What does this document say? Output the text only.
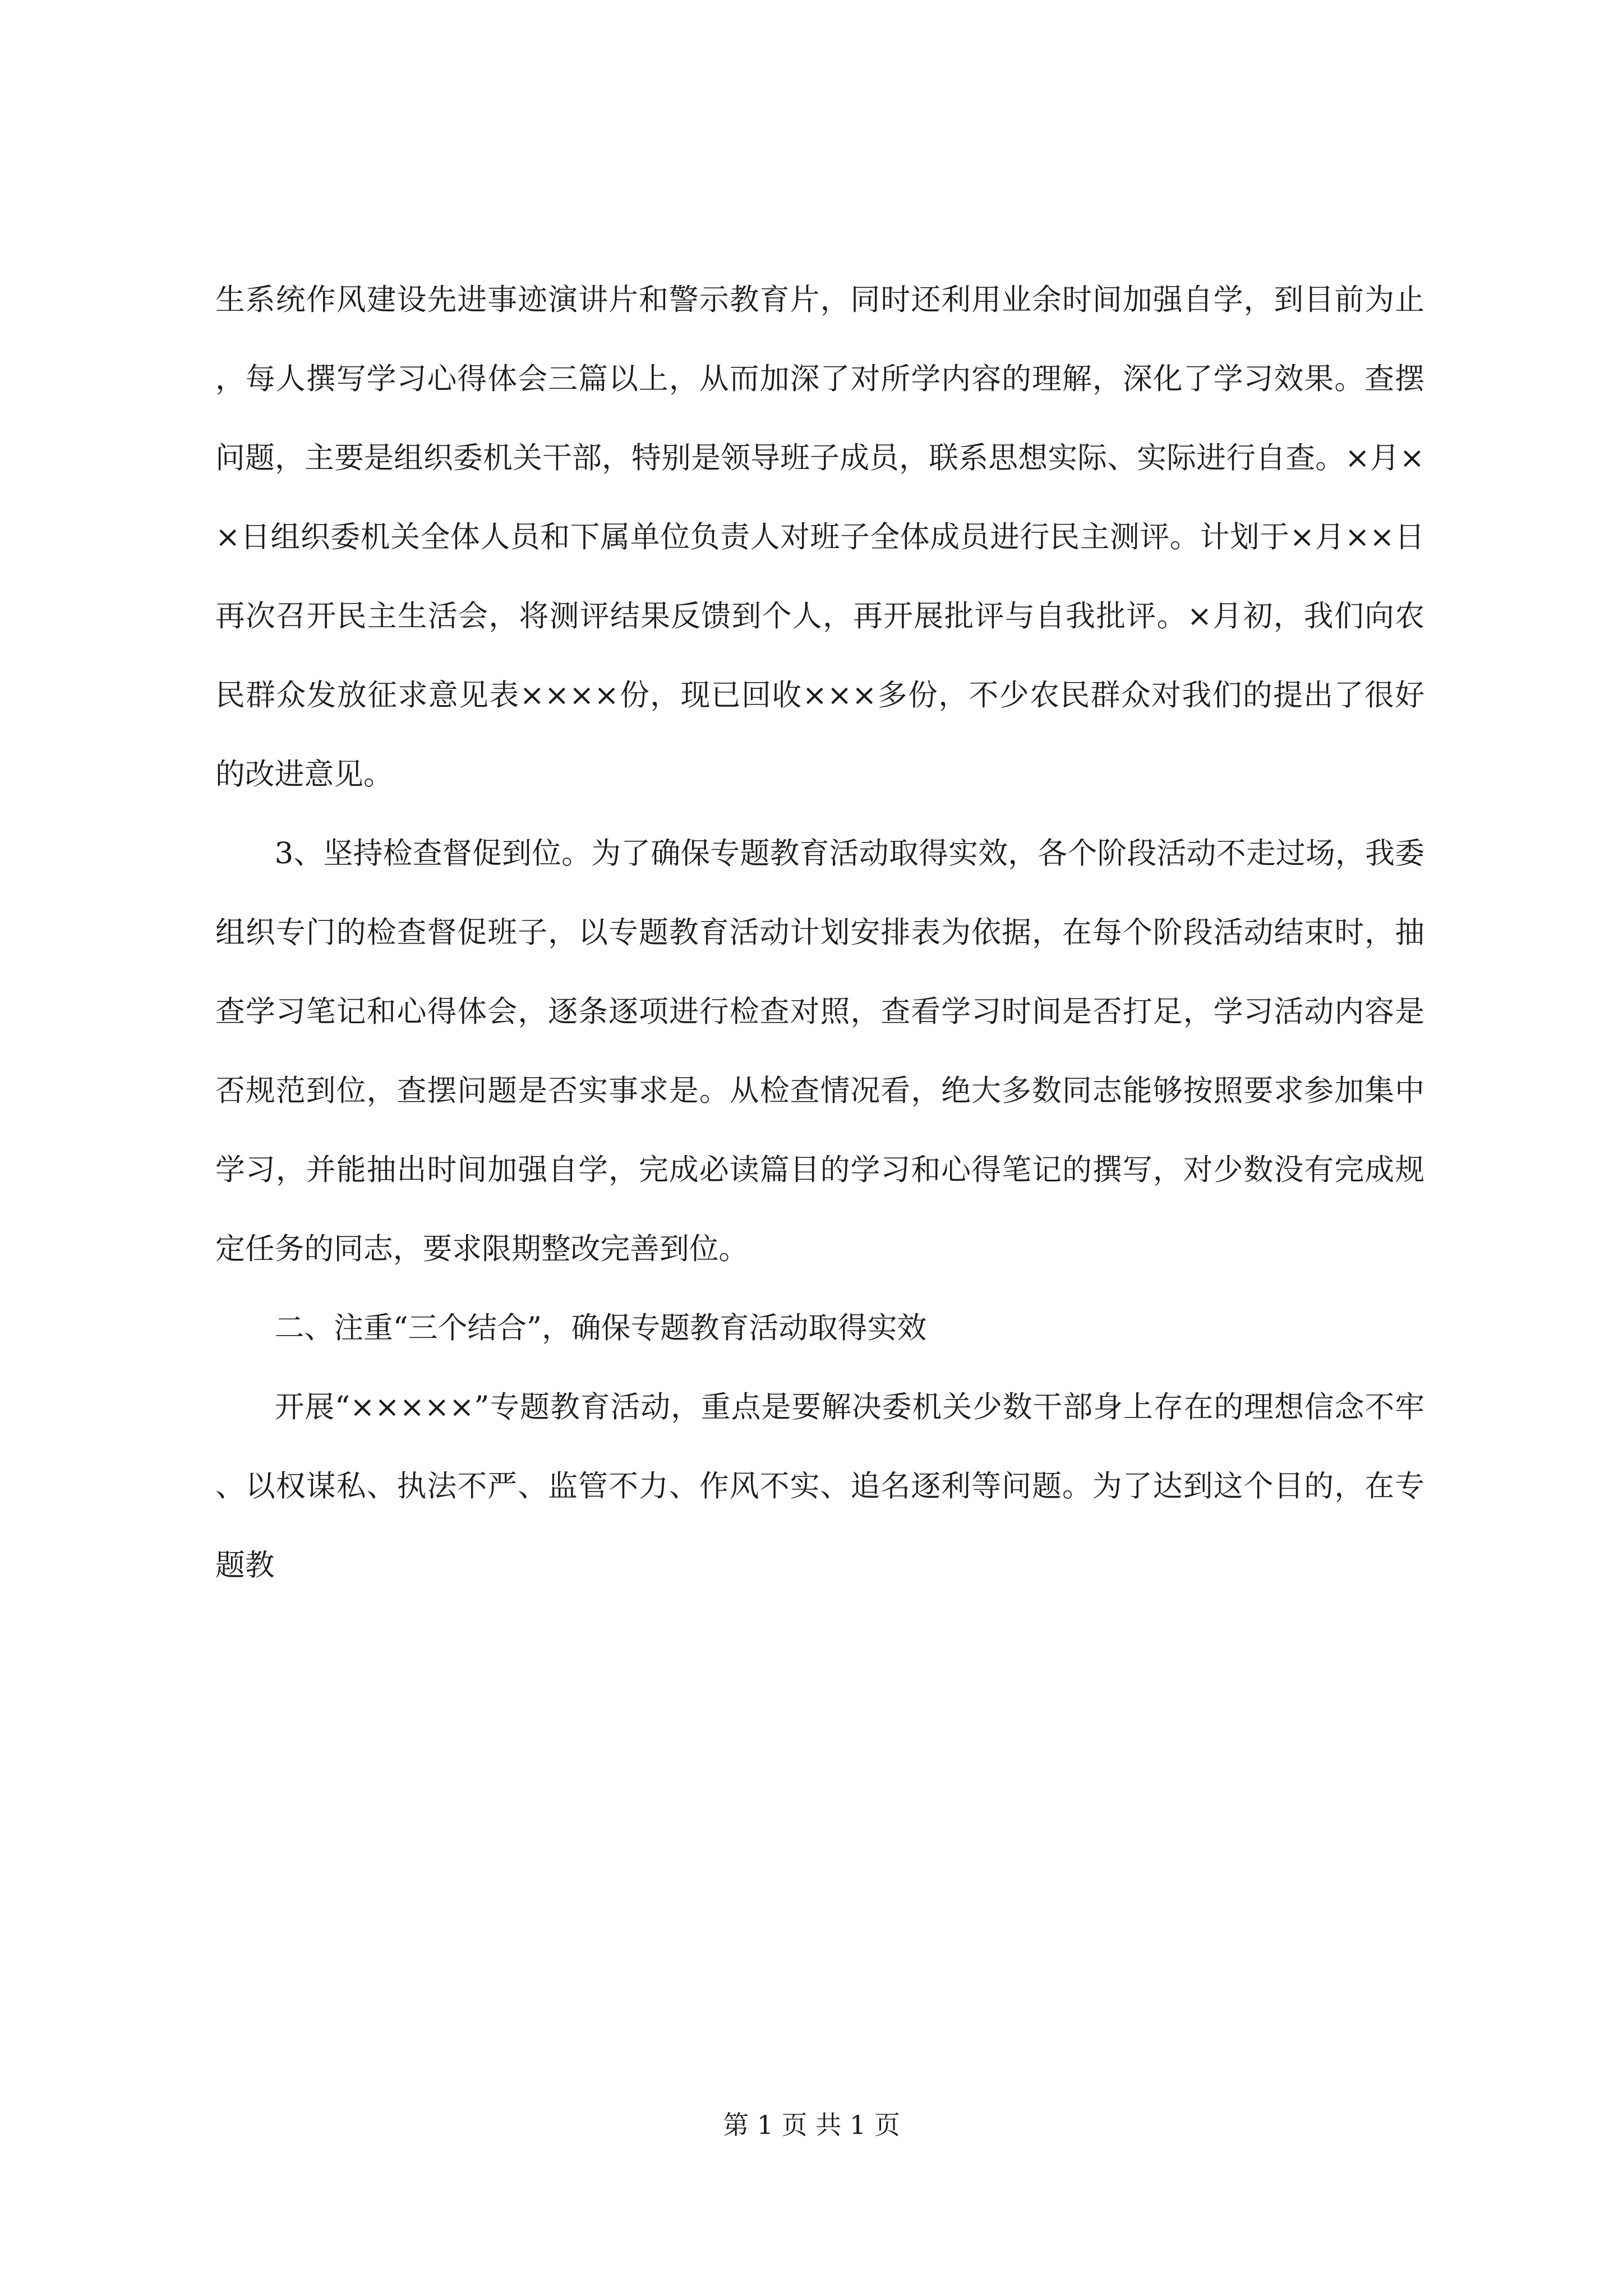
生系统作风建设先进事迹演讲片和警示教育片，同时还利用业余时间加强自学，到目前为止，每人撰写学习心得体会三篇以上，从而加深了对所学内容的理解，深化了学习效果。查摆问题，主要是组织委机关干部，特别是领导班子成员，联系思想实际、实际进行自查。×月××日组织委机关全体人员和下属单位负责人对班子全体成员进行民主测评。计划于×月××日再次召开民主生活会，将测评结果反馈到个人，再开展批评与自我批评。×月初，我们向农民群众发放征求意见表××××份，现已回收×××多份，不少农民群众对我们的提出了很好的改进意见。

3、坚持检查督促到位。为了确保专题教育活动取得实效，各个阶段活动不走过场，我委组织专门的检查督促班子，以专题教育活动计划安排表为依据，在每个阶段活动结束时，抽查学习笔记和心得体会，逐条逐项进行检查对照，查看学习时间是否打足，学习活动内容是否规范到位，查摆问题是否实事求是。从检查情况看，绝大多数同志能够按照要求参加集中学习，并能抽出时间加强自学，完成必读篇目的学习和心得笔记的撰写，对少数没有完成规定任务的同志，要求限期整改完善到位。

二、注重“三个结合”，确保专题教育活动取得实效

开展“×××××”专题教育活动，重点是要解决委机关少数干部身上存在的理想信念不牢、以权谋私、执法不严、监管不力、作风不实、追名逐利等问题。为了达到这个目的，在专题教

第 1 页 共 1 页
